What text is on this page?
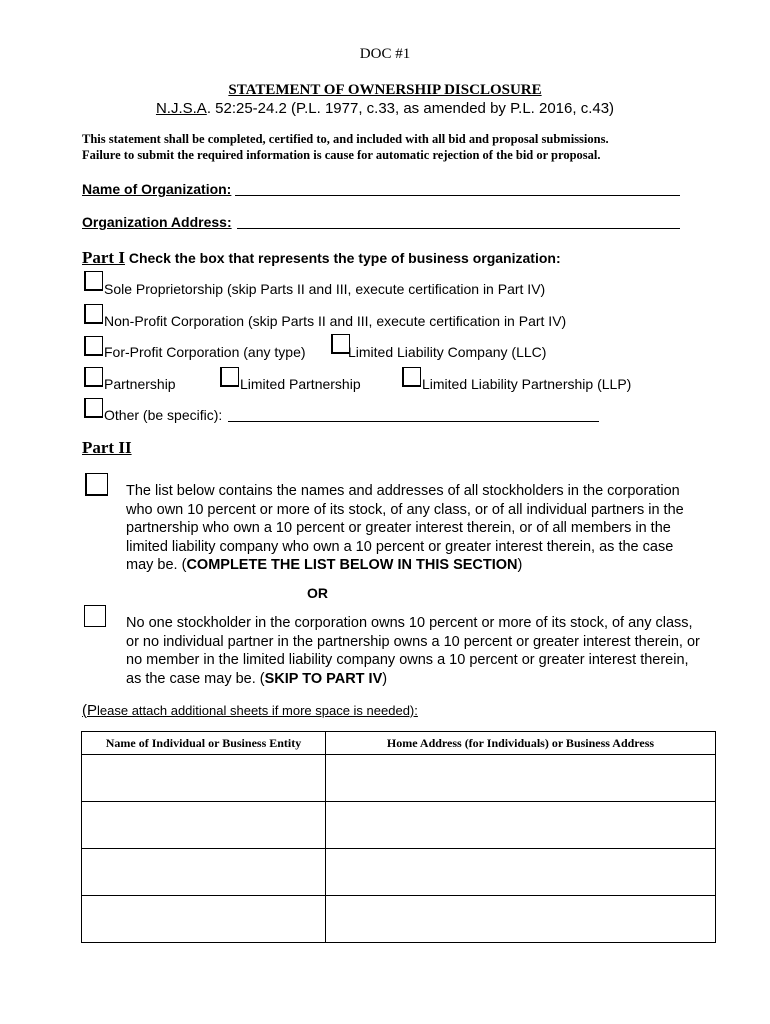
DOC #1
STATEMENT OF OWNERSHIP DISCLOSURE
N.J.S.A. 52:25-24.2 (P.L. 1977, c.33, as amended by P.L. 2016, c.43)
This statement shall be completed, certified to, and included with all bid and proposal submissions.
Failure to submit the required information is cause for automatic rejection of the bid or proposal.
Name of Organization:
Organization Address:
Part I Check the box that represents the type of business organization:
Sole Proprietorship (skip Parts II and III, execute certification in Part IV)
Non-Profit Corporation (skip Parts II and III, execute certification in Part IV)
For-Profit Corporation (any type)	Limited Liability Company (LLC)
Partnership	Limited Partnership	Limited Liability Partnership (LLP)
Other (be specific):
Part II
The list below contains the names and addresses of all stockholders in the corporation who own 10 percent or more of its stock, of any class, or of all individual partners in the partnership who own a 10 percent or greater interest therein, or of all members in the limited liability company who own a 10 percent or greater interest therein, as the case may be. (COMPLETE THE LIST BELOW IN THIS SECTION)
OR
No one stockholder in the corporation owns 10 percent or more of its stock, of any class, or no individual partner in the partnership owns a 10 percent or greater interest therein, or no member in the limited liability company owns a 10 percent or greater interest therein, as the case may be. (SKIP TO PART IV)
(Please attach additional sheets if more space is needed):
Name of Individual or Business Entity	Home Address (for Individuals) or Business Address
